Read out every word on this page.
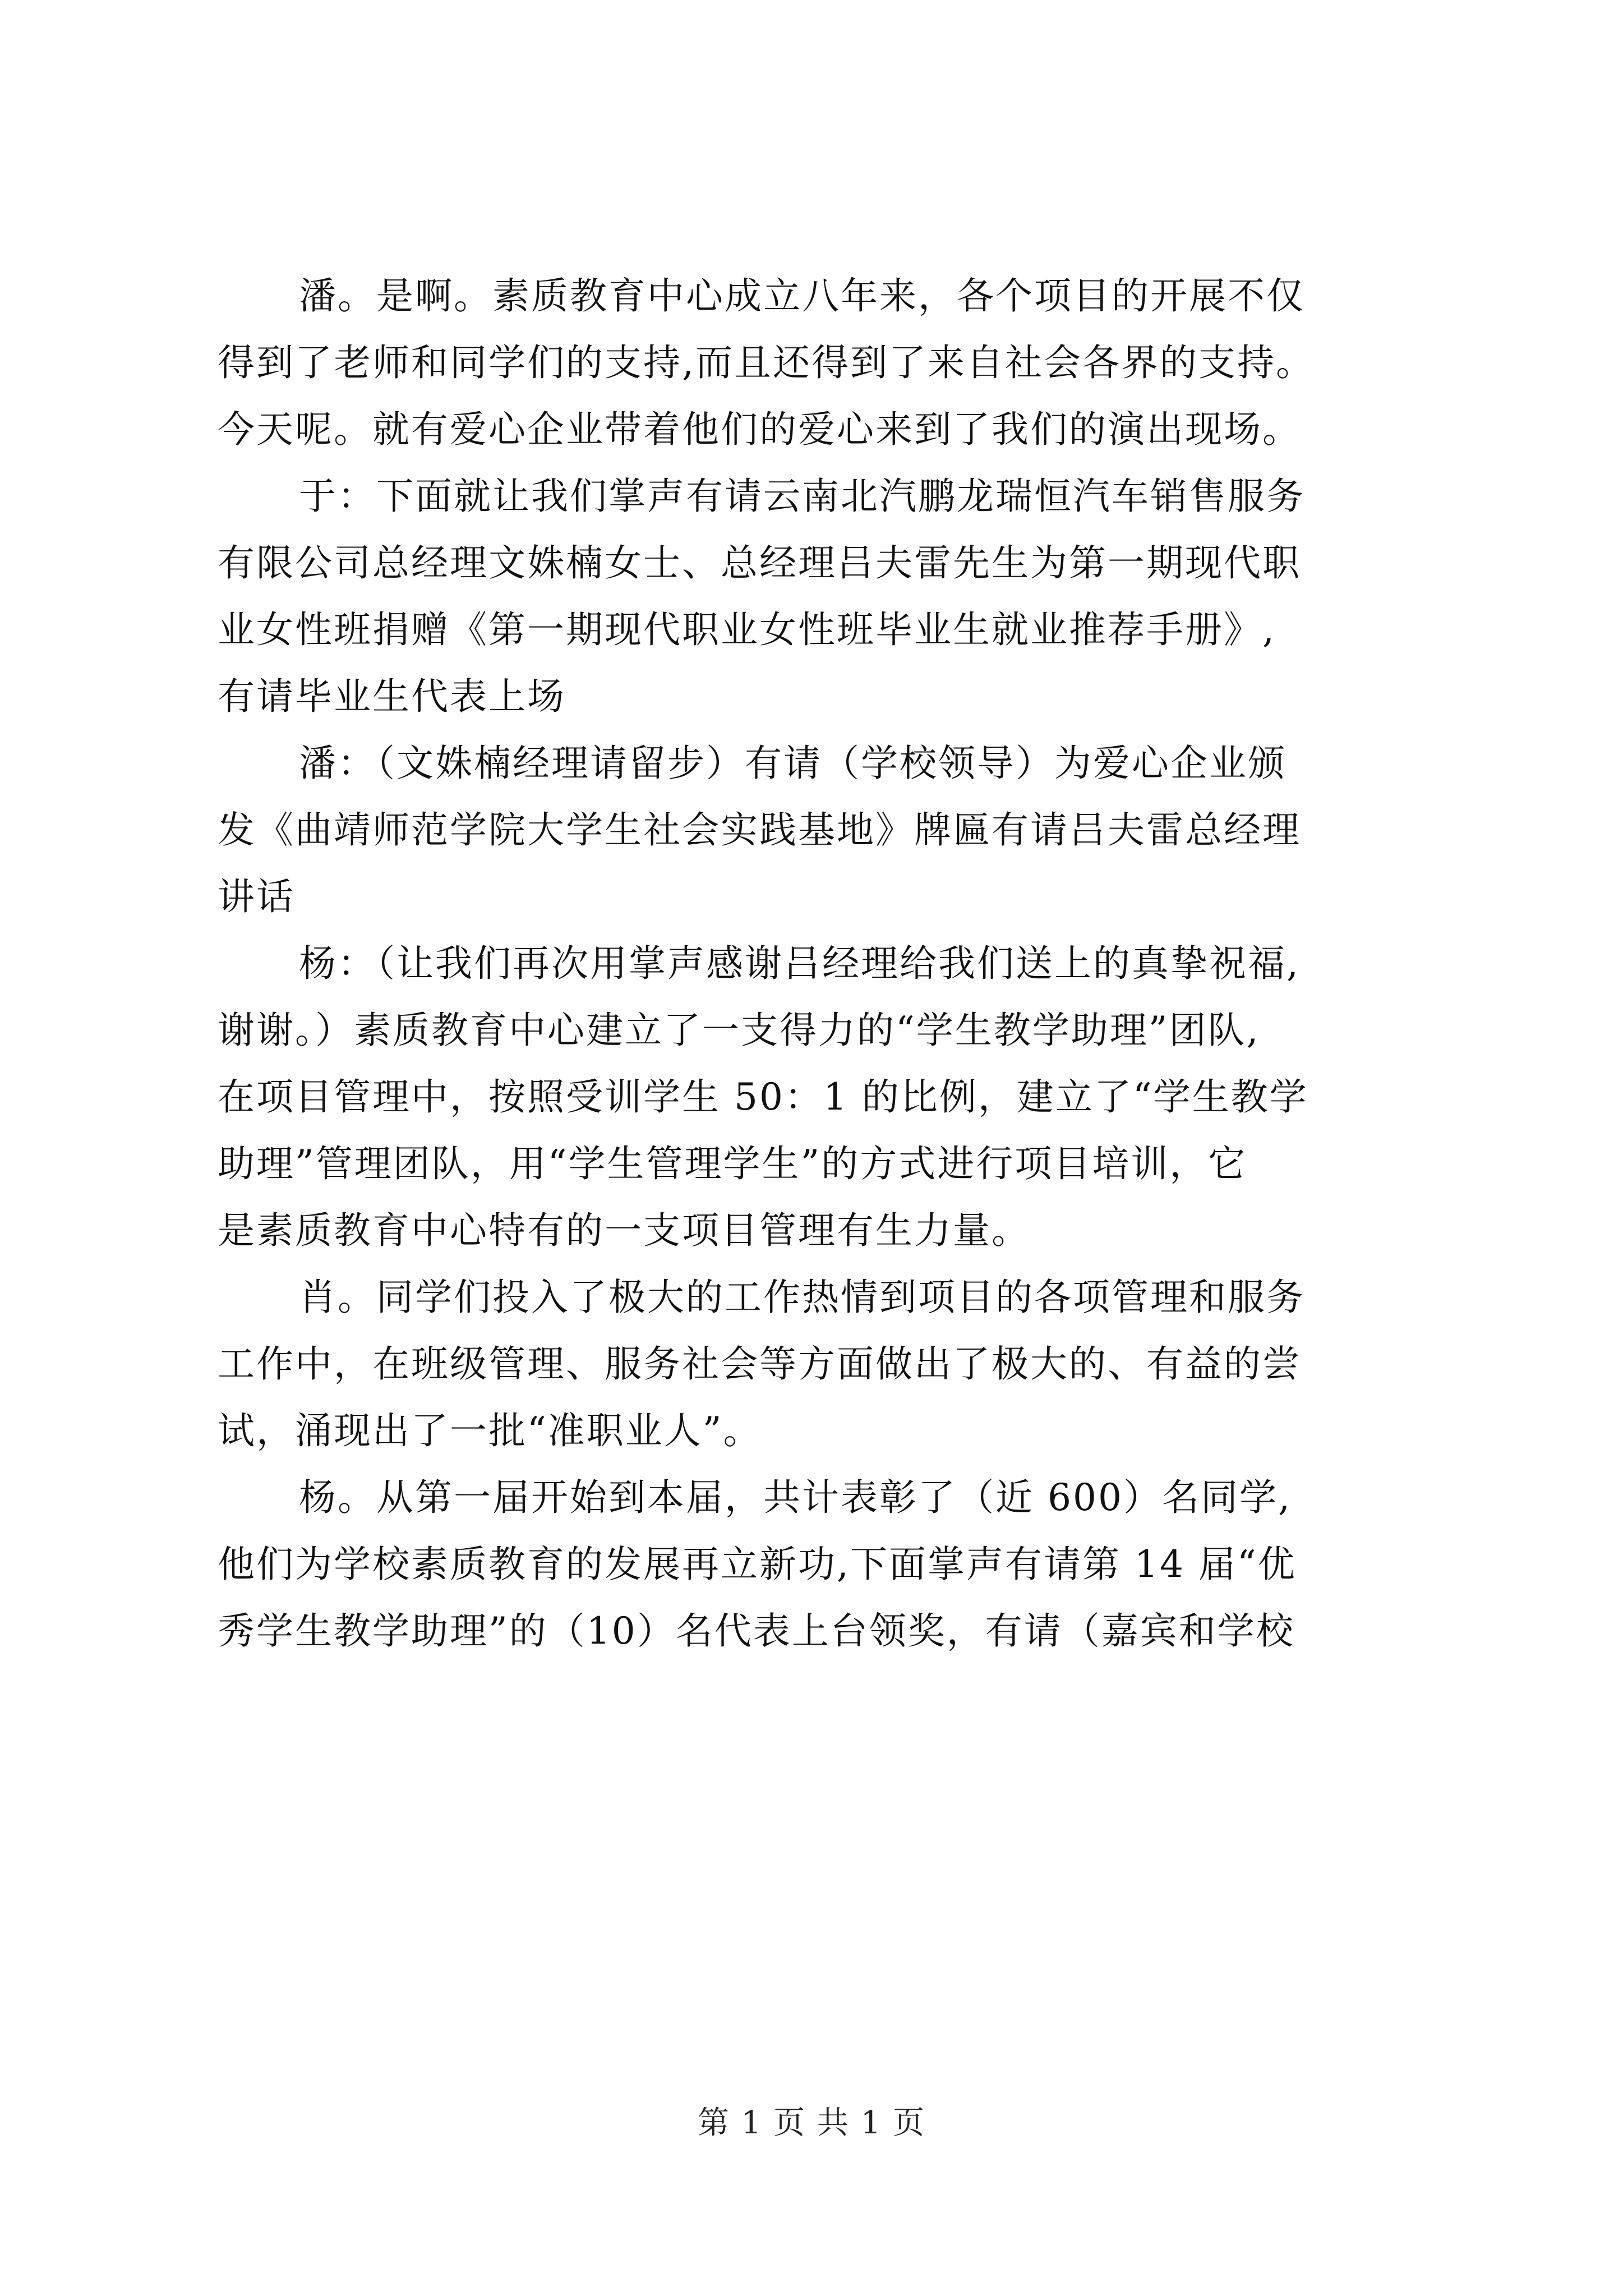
潘。是啊。素质教育中心成立八年来，各个项目的开展不仅
得到了老师和同学们的支持,而且还得到了来自社会各界的支持。
今天呢。就有爱心企业带着他们的爱心来到了我们的演出现场。
于：下面就让我们掌声有请云南北汽鹏龙瑞恒汽车销售服务
有限公司总经理文姝楠女士、总经理吕夫雷先生为第一期现代职
业女性班捐赠《第一期现代职业女性班毕业生就业推荐手册》,
有请毕业生代表上场
潘：（文姝楠经理请留步）有请（学校领导）为爱心企业颁
发《曲靖师范学院大学生社会实践基地》牌匾有请吕夫雷总经理
讲话
杨：（让我们再次用掌声感谢吕经理给我们送上的真挚祝福,
谢谢。）素质教育中心建立了一支得力的“学生教学助理”团队,
在项目管理中，按照受训学生 50：1 的比例，建立了“学生教学
助理”管理团队，用“学生管理学生”的方式进行项目培训，它
是素质教育中心特有的一支项目管理有生力量。
肖。同学们投入了极大的工作热情到项目的各项管理和服务
工作中，在班级管理、服务社会等方面做出了极大的、有益的尝
试，涌现出了一批“准职业人”。
杨。从第一届开始到本届，共计表彰了（近 600）名同学,
他们为学校素质教育的发展再立新功,下面掌声有请第 14 届“优
秀学生教学助理”的（10）名代表上台领奖，有请（嘉宾和学校
第 1 页 共 1 页
